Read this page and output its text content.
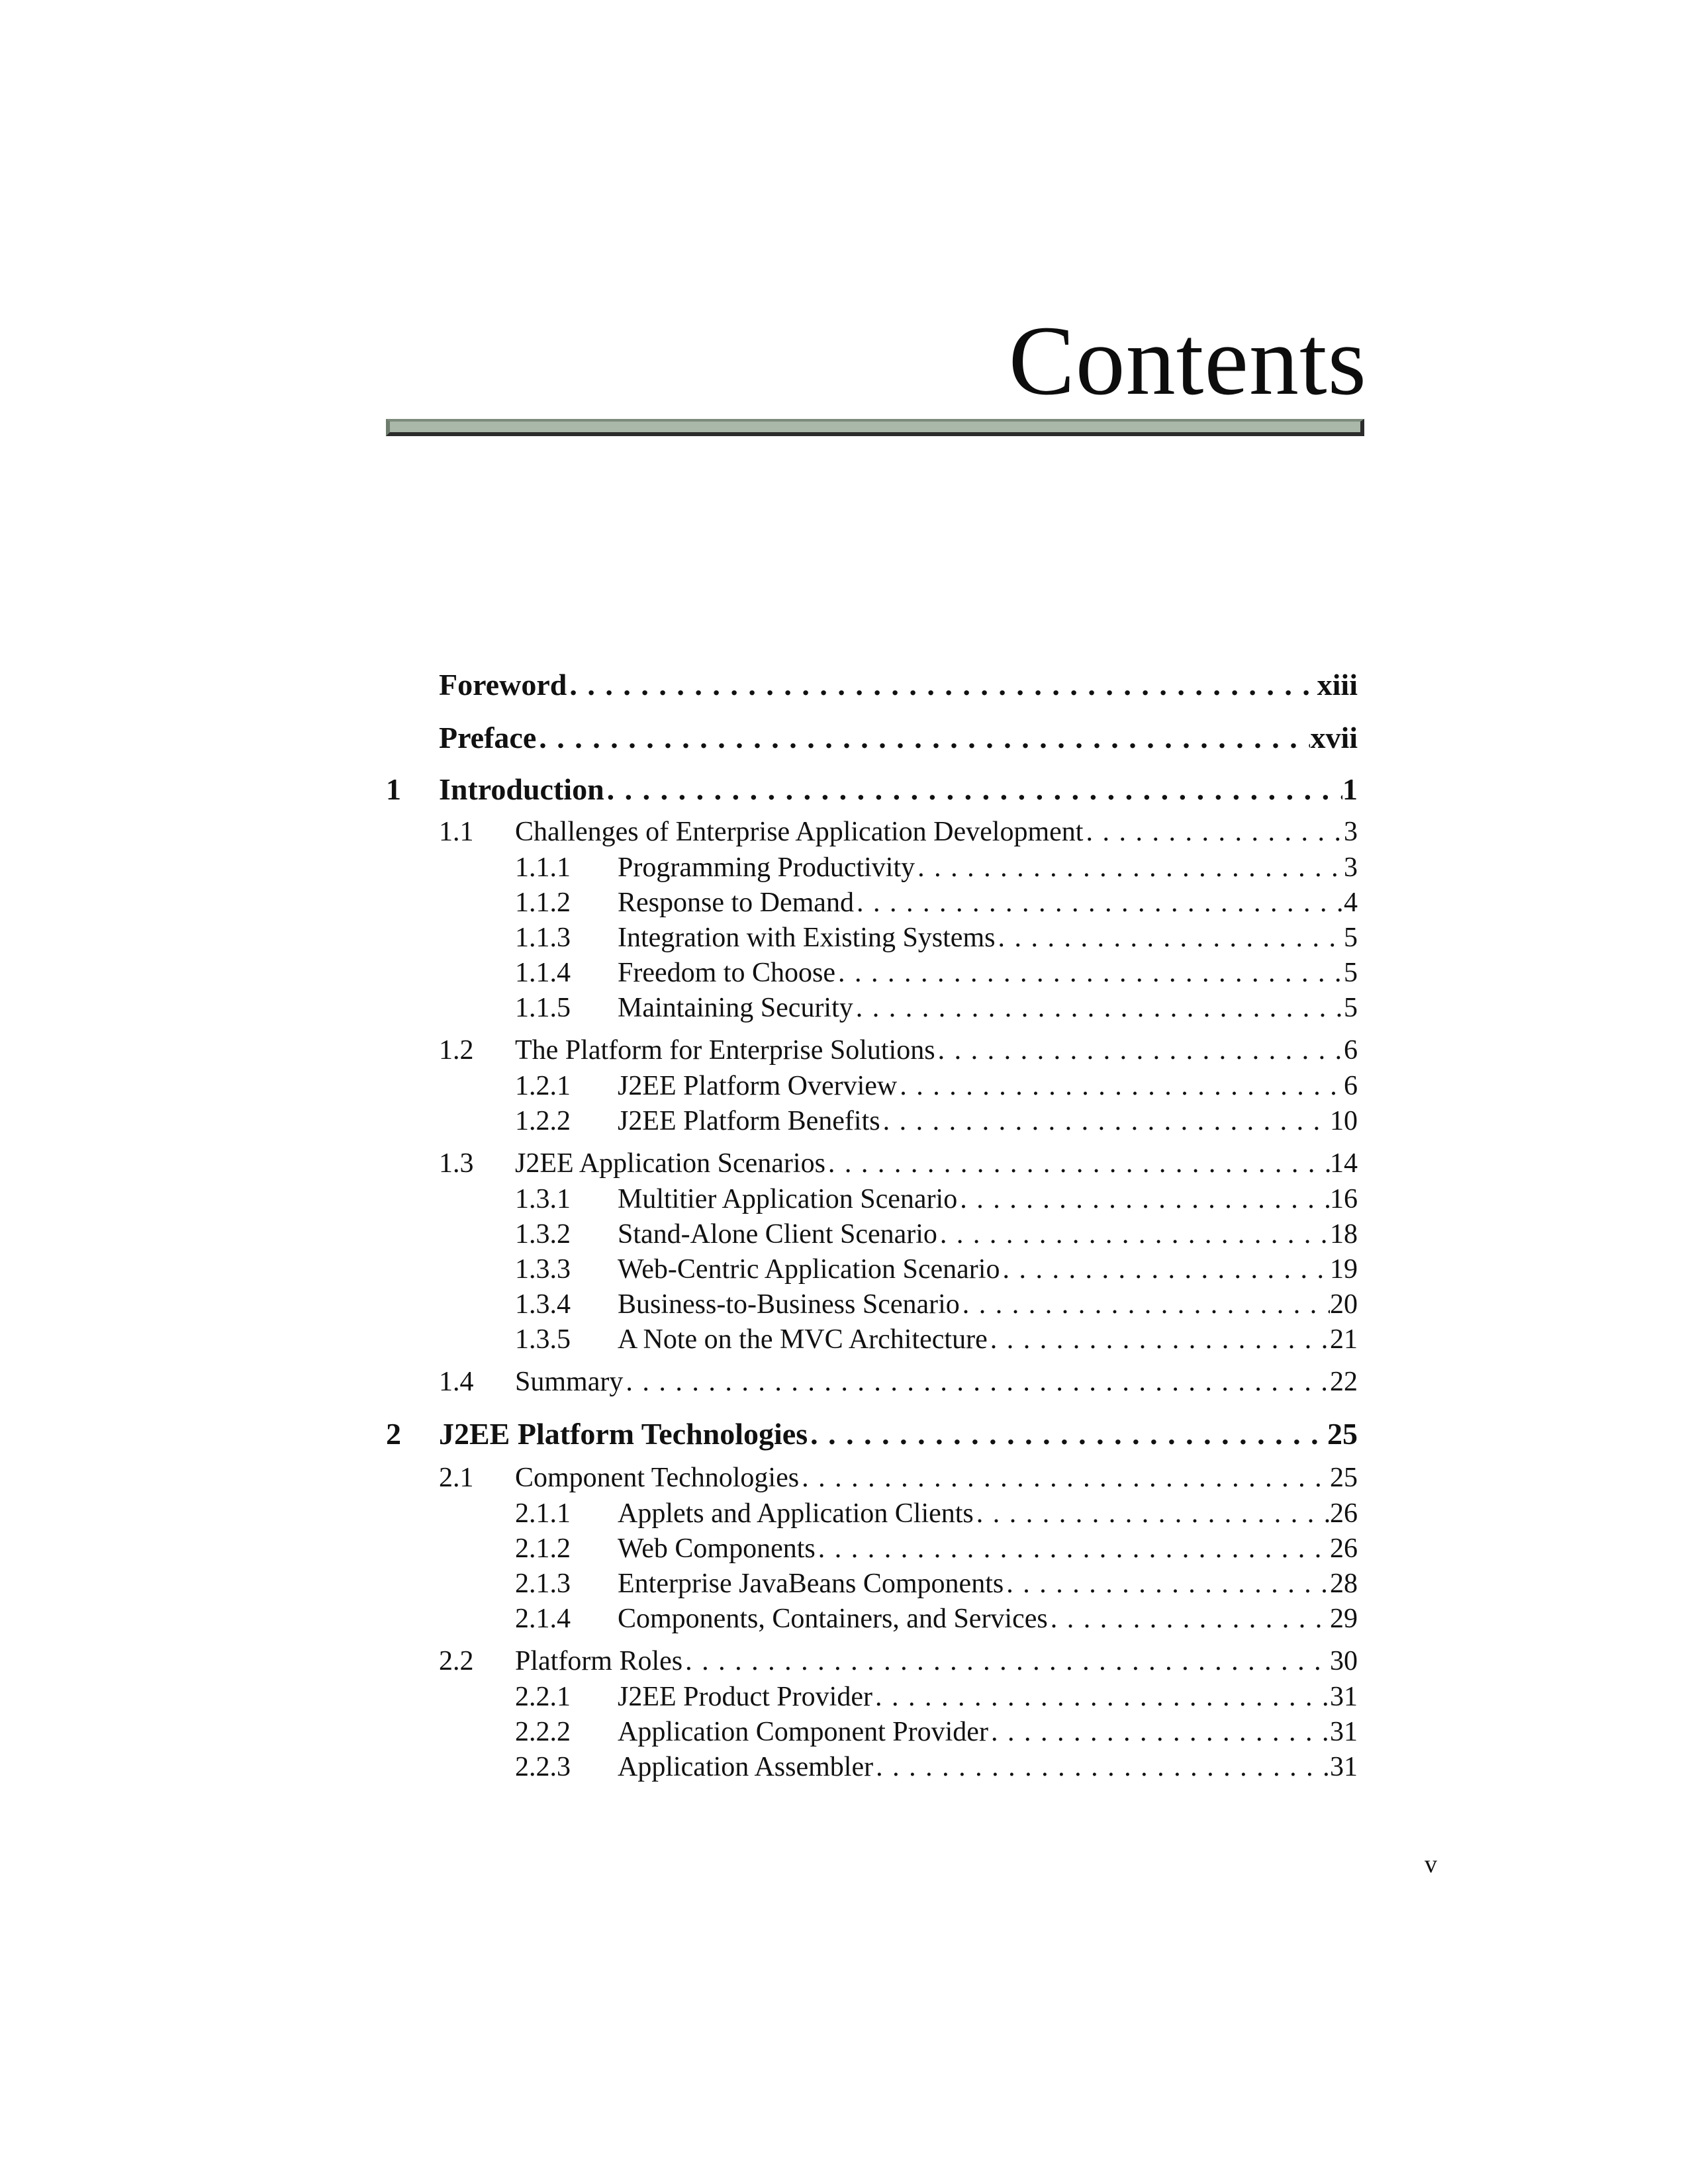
Contents
Foreword . . .	xiii
Preface . . .	xvii
1 Introduction . . .	1
1.1 Challenges of Enterprise Application Development . . .	3
1.1.1 Programming Productivity . . .	3
1.1.2 Response to Demand . . .	4
1.1.3 Integration with Existing Systems . . .	5
1.1.4 Freedom to Choose . . .	5
1.1.5 Maintaining Security . . .	5
1.2 The Platform for Enterprise Solutions . . .	6
1.2.1 J2EE Platform Overview . . .	6
1.2.2 J2EE Platform Benefits . . .	10
1.3 J2EE Application Scenarios . . .	14
1.3.1 Multitier Application Scenario . . .	16
1.3.2 Stand-Alone Client Scenario . . .	18
1.3.3 Web-Centric Application Scenario . . .	19
1.3.4 Business-to-Business Scenario . . .	20
1.3.5 A Note on the MVC Architecture . . .	21
1.4 Summary . . .	22
2 J2EE Platform Technologies . . .	25
2.1 Component Technologies . . .	25
2.1.1 Applets and Application Clients . . .	26
2.1.2 Web Components . . .	26
2.1.3 Enterprise JavaBeans Components . . .	28
2.1.4 Components, Containers, and Services . . .	29
2.2 Platform Roles . . .	30
2.2.1 J2EE Product Provider . . .	31
2.2.2 Application Component Provider . . .	31
2.2.3 Application Assembler . . .	31
v
